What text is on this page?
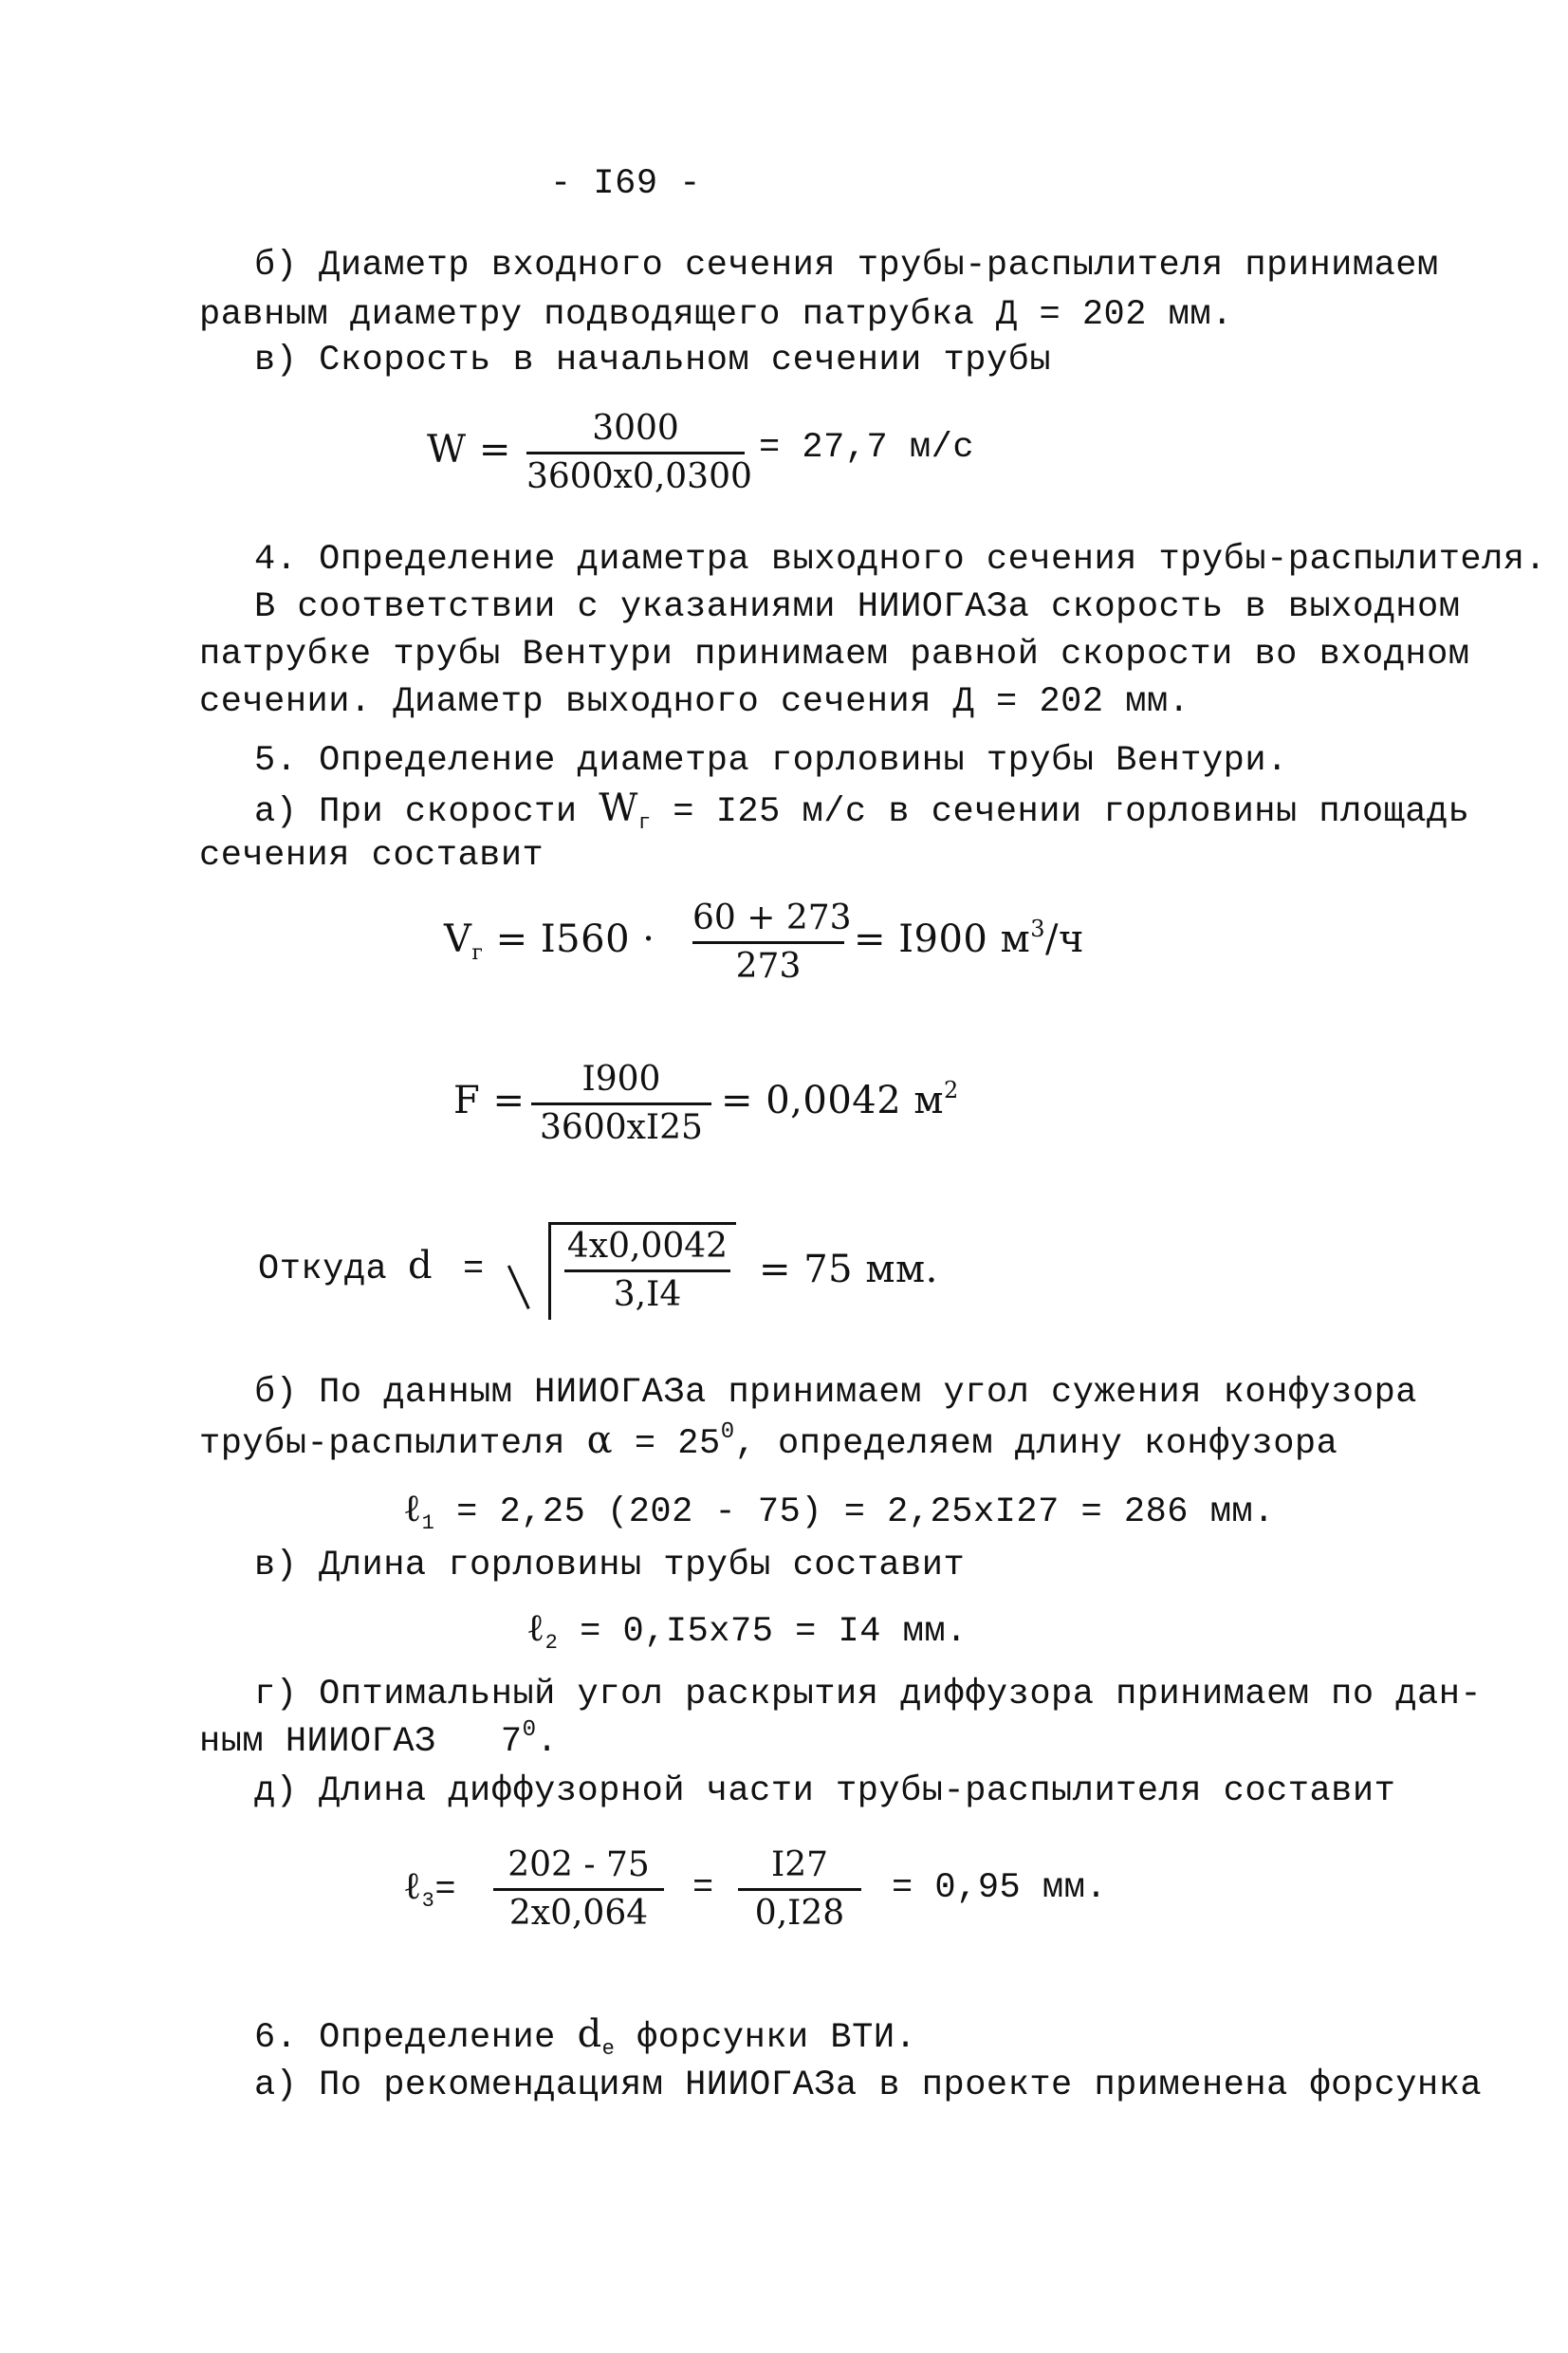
- I69 -
б) Диаметр входного сечения трубы-распылителя принимаем
равным диаметру подводящего патрубка Д = 202 мм.
в) Скорость в начальном сечении трубы
W =	3000
3600х0,0300
= 27,7 м/с
4. Определение диаметра выходного сечения трубы-распылителя.
В соответствии с указаниями НИИОГАЗа скорость в выходном
патрубке трубы Вентури принимаем равной скорости во входном
сечении. Диаметр выходного сечения Д = 202 мм.
5. Определение диаметра горловины трубы Вентури.
а) При скорости $W_г = I25$ м/с в сечении горловины площадь
сечения составит
$V_г = I560 \cdot 60 + 273$
273
= I900 $м^3/ч$
F =	I900
3600хI25
= 0,0042 $м^2$
Откуда d =
4х0,0042
3,I4
= 75 мм.
б) По данным НИИОГАЗа принимаем угол сужения конфузора
трубы-распылителя $\alpha = 25^0$, определяем длину конфузора
ℓ$_1$ = 2,25 (202 - 75) = 2,25хI27 = 286 мм.
в) Длина горловины трубы составит
ℓ$_2$ = 0,I5х75 = I4 мм.
г) Оптимальный угол раскрытия диффузора принимаем по дан-
ным НИИОГАЗ   $7^0$.
д) Длина диффузорной части трубы-распылителя составит
ℓ$_3$=
202 - 75
2х0,064
=
I27
0,I28
= 0,95 мм.
6. Определение $d_e$ форсунки ВТИ.
а) По рекомендациям НИИОГАЗа в проекте применена форсунка
